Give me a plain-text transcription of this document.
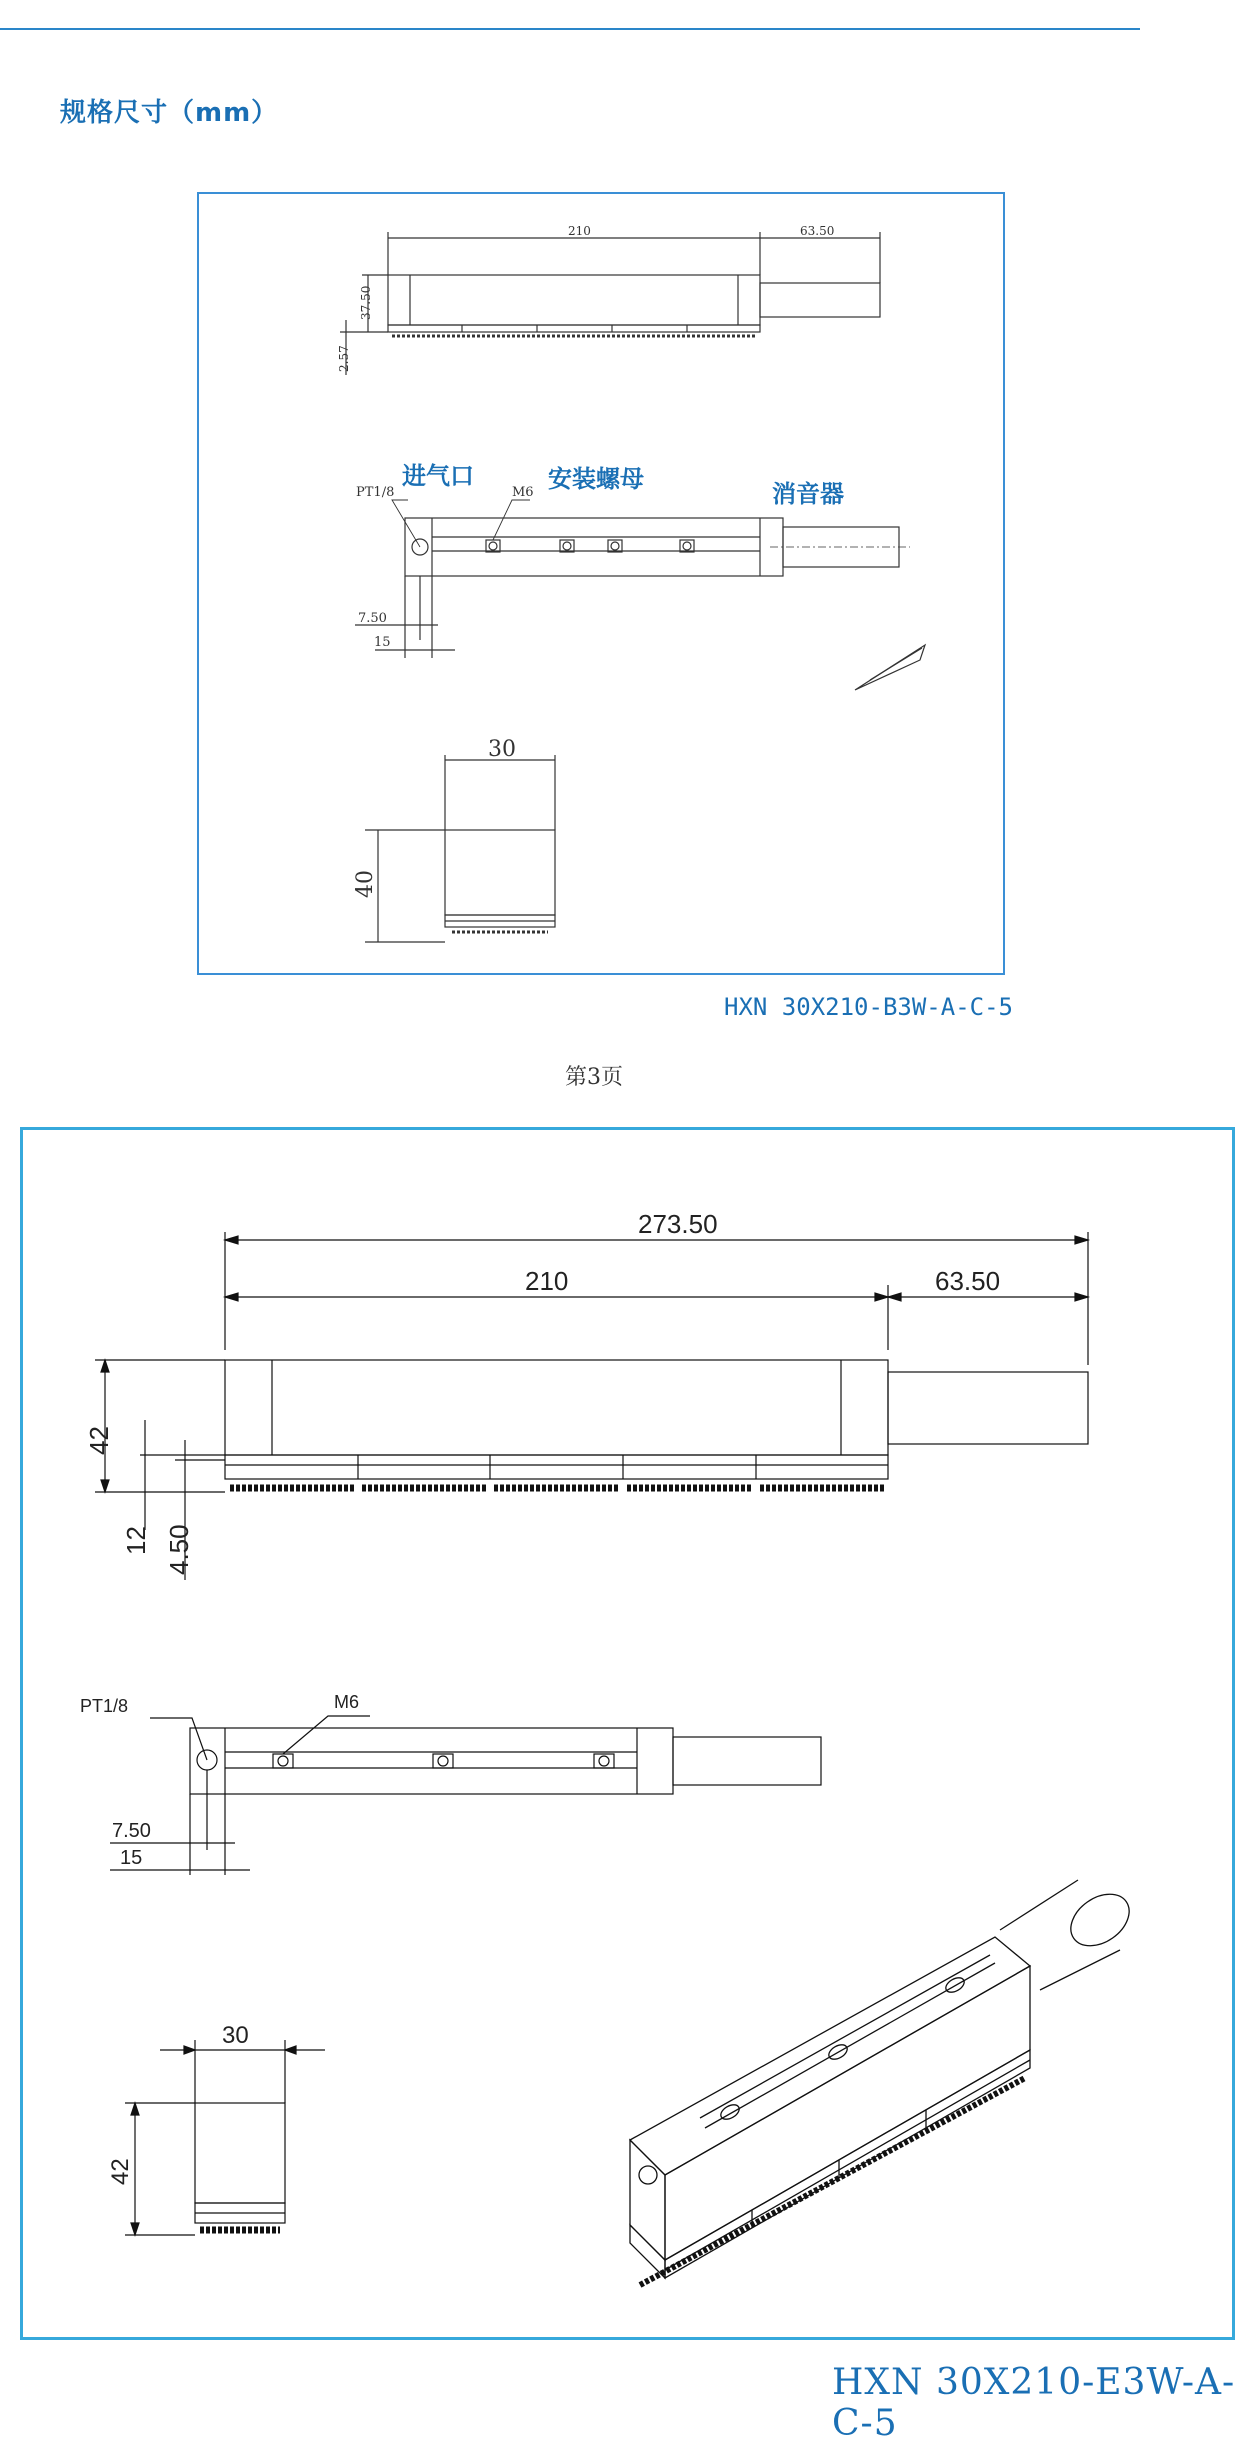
规格尺寸（mm）
HXN 30X210-B3W-A-C-5
第3页
HXN 30X210-E3W-A-C-5
210	63.50
37.50
2.57
PT1/8	M6
7.50
15
进气口	安装螺母
消音器
30
40
273.50
210	63.50
42
12 4.50
PT1/8	M6
7.50
15
30
42
